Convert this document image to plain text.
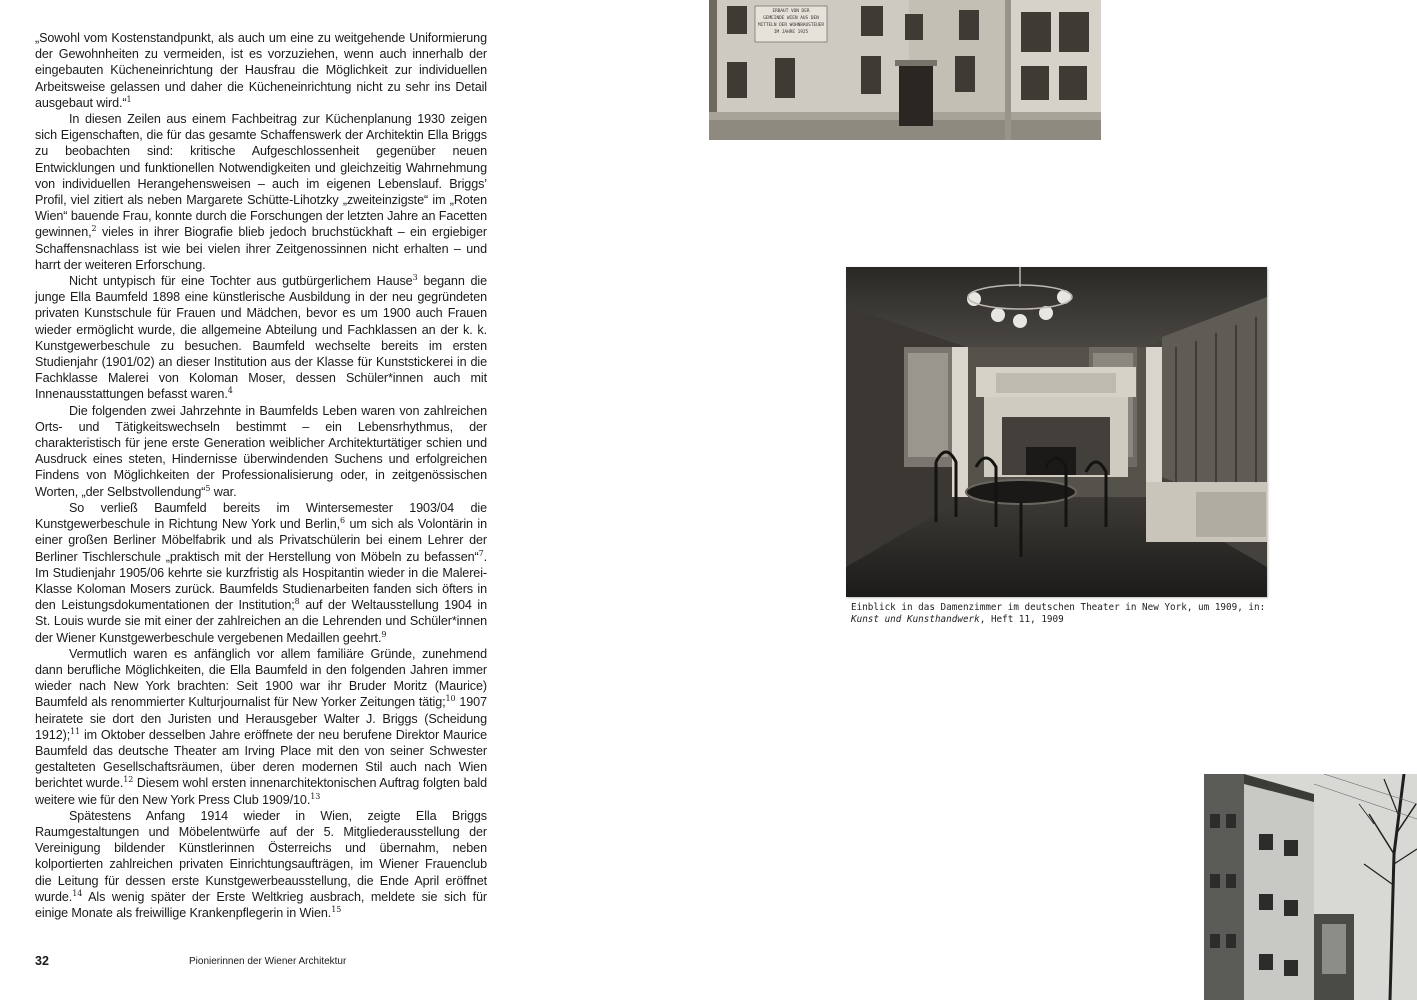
„Sowohl vom Kostenstandpunkt, als auch um eine zu weitgehende Uniformierung der Gewohnheiten zu vermeiden, ist es vorzuziehen, wenn auch innerhalb der eingebauten Kücheneinrichtung der Hausfrau die Möglichkeit zur individuellen Arbeitsweise gelassen und daher die Kücheneinrichtung nicht zu sehr ins Detail ausgebaut wird.“$^1$

In diesen Zeilen aus einem Fachbeitrag zur Küchenplanung 1930 zeigen sich Eigenschaften, die für das gesamte Schaffenswerk der Architektin Ella Briggs zu beobachten sind: kritische Aufgeschlossenheit gegenüber neuen Entwicklungen und funktionellen Notwendigkeiten und gleichzeitig Wahrnehmung von individuellen Herangehensweisen – auch im eigenen Lebenslauf. Briggs’ Profil, viel zitiert als neben Margarete Schütte-Lihotzky „zweiteinzigste“ im „Roten Wien“ bauende Frau, konnte durch die Forschungen der letzten Jahre an Facetten gewinnen,$^2$ vieles in ihrer Biografie blieb jedoch bruchstückhaft – ein ergiebiger Schaffensnachlass ist wie bei vielen ihrer Zeitgenossinnen nicht erhalten – und harrt der weiteren Erforschung.

Nicht untypisch für eine Tochter aus gutbürgerlichem Hause$^3$ begann die junge Ella Baumfeld 1898 eine künstlerische Ausbildung in der neu gegründeten privaten Kunstschule für Frauen und Mädchen, bevor es um 1900 auch Frauen wieder ermöglicht wurde, die allgemeine Abteilung und Fachklassen an der k. k. Kunstgewerbeschule zu besuchen. Baumfeld wechselte bereits im ersten Studienjahr (1901/02) an dieser Institution aus der Klasse für Kunststickerei in die Fachklasse Malerei von Koloman Moser, dessen Schüler*innen auch mit Innenausstattungen befasst waren.$^4$

Die folgenden zwei Jahrzehnte in Baumfelds Leben waren von zahlreichen Orts- und Tätigkeitswechseln bestimmt – ein Lebensrhythmus, der charakteristisch für jene erste Generation weiblicher Architekturtätiger schien und Ausdruck eines steten, Hindernisse überwindenden Suchens und erfolgreichen Findens von Möglichkeiten der Professionalisierung oder, in zeitgenössischen Worten, „der Selbstvollendung“$^5$ war.

So verließ Baumfeld bereits im Wintersemester 1903/04 die Kunstgewerbeschule in Richtung New York und Berlin,$^6$ um sich als Volontärin in einer großen Berliner Möbelfabrik und als Privatschülerin bei einem Lehrer der Berliner Tischlerschule „praktisch mit der Herstellung von Möbeln zu befassen“$^7$. Im Studienjahr 1905/06 kehrte sie kurzfristig als Hospitantin wieder in die Malerei-Klasse Koloman Mosers zurück. Baumfelds Studienarbeiten fanden sich öfters in den Leistungsdokumentationen der Institution;$^8$ auf der Weltausstellung 1904 in St. Louis wurde sie mit einer der zahlreichen an die Lehrenden und Schüler*innen der Wiener Kunstgewerbeschule vergebenen Medaillen geehrt.$^9$

Vermutlich waren es anfänglich vor allem familiäre Gründe, zunehmend dann berufliche Möglichkeiten, die Ella Baumfeld in den folgenden Jahren immer wieder nach New York brachten: Seit 1900 war ihr Bruder Moritz (Maurice) Baumfeld als renommierter Kulturjournalist für New Yorker Zeitungen tätig;$^{10}$ 1907 heiratete sie dort den Juristen und Herausgeber Walter J. Briggs (Scheidung 1912);$^{11}$ im Oktober desselben Jahre eröffnete der neu berufene Direktor Maurice Baumfeld das deutsche Theater am Irving Place mit den von seiner Schwester gestalteten Gesellschaftsräumen, über deren modernen Stil auch nach Wien berichtet wurde.$^{12}$ Diesem wohl ersten innenarchitektonischen Auftrag folgten bald weitere wie für den New York Press Club 1909/10.13

Spätestens Anfang 1914 wieder in Wien, zeigte Ella Briggs Raumgestaltungen und Möbelentwürfe auf der 5. Mitgliederausstellung der Vereinigung bildender Künstlerinnen Österreichs und übernahm, neben kolportierten zahlreichen privaten Einrichtungsaufträgen, im Wiener Frauenclub die Leitung für dessen erste Kunstgewerbeausstellung, die Ende April eröffnet wurde.$^{14}$ Als wenig später der Erste Weltkrieg ausbrach, meldete sie sich für einige Monate als freiwillige Krankenpflegerin in Wien.$^{15}$

32	Pionierinnen der Wiener Architektur
ERBAUT VON DER
GEMEINDE WIEN AUS DEN
MITTELN DER WOHNBAUSTEUER
IM JAHRE 1925
Einblick in das Damenzimmer im deutschen Theater in New York, um 1909, in:
Kunst und Kunsthandwerk, Heft 11, 1909
